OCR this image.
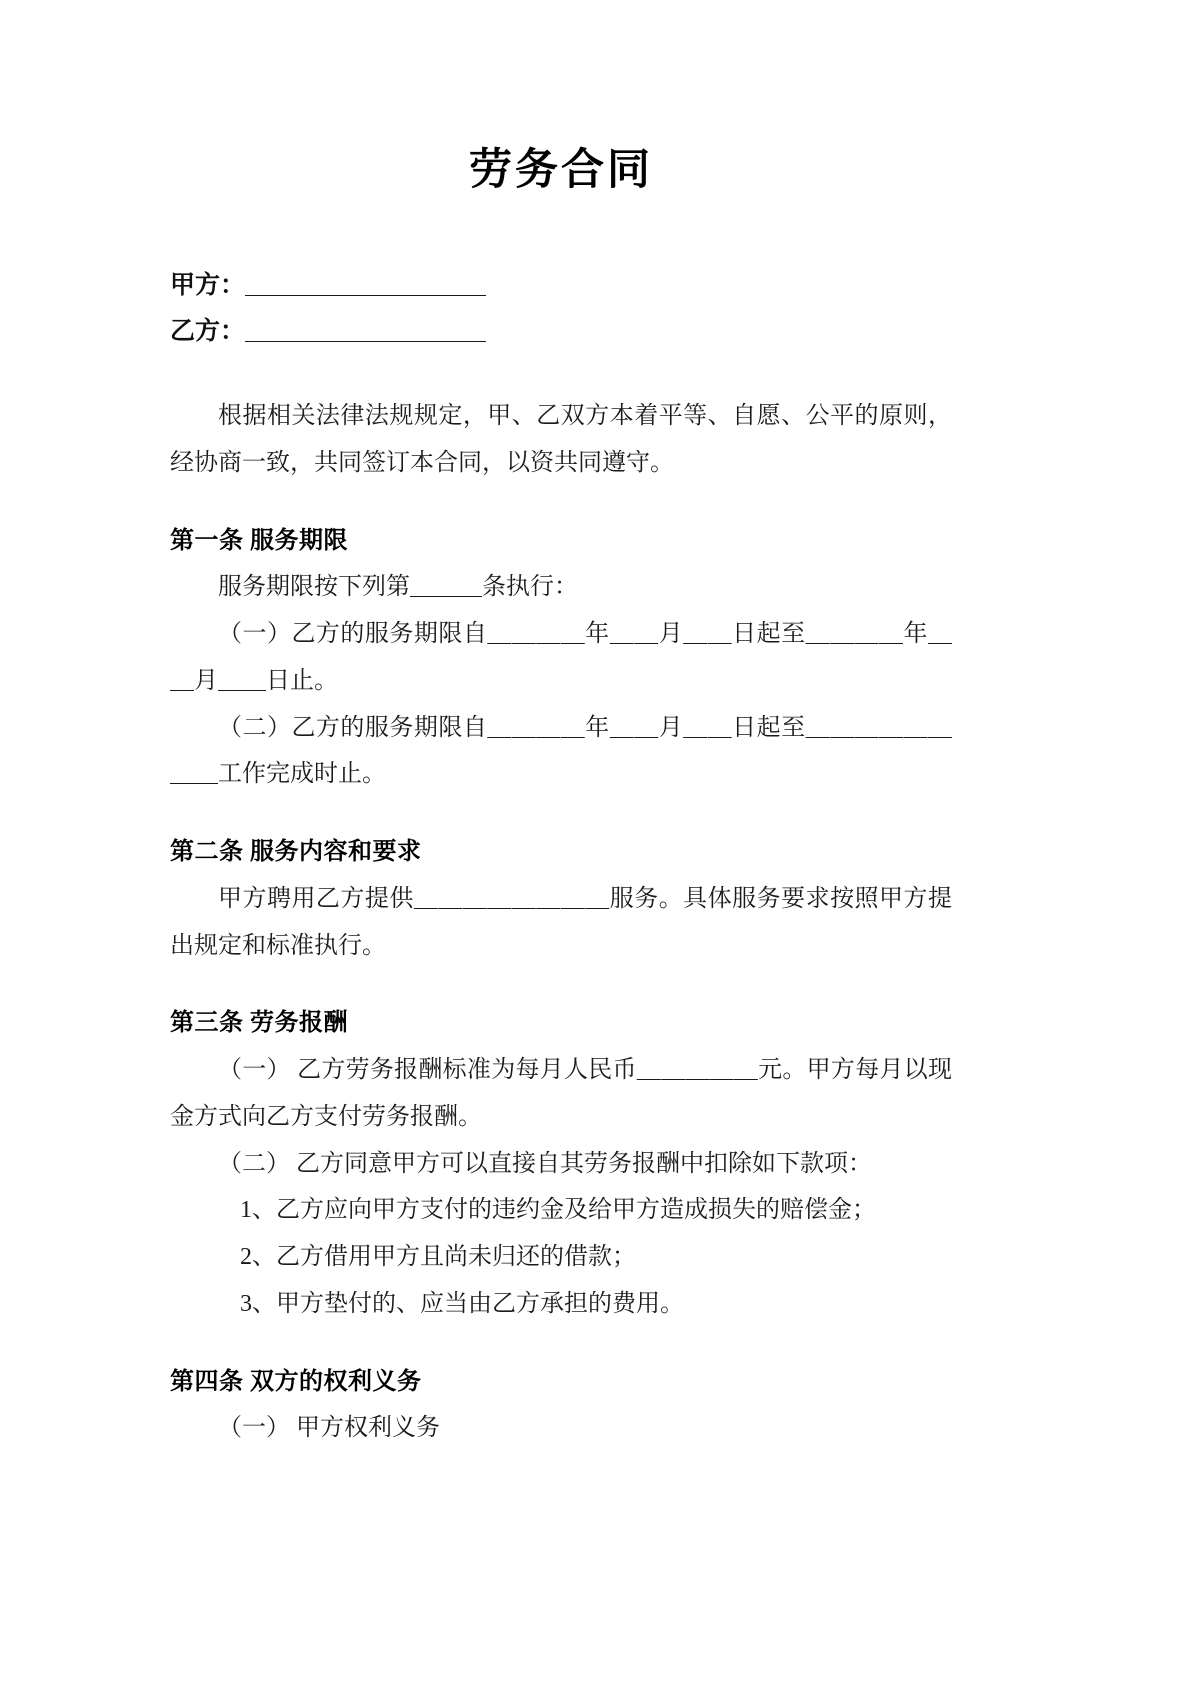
劳务合同
甲方：＿＿＿＿＿＿＿＿＿＿
乙方：＿＿＿＿＿＿＿＿＿＿

根据相关法律法规规定，甲、乙双方本着平等、自愿、公平的原则，经协商一致，共同签订本合同，以资共同遵守。

第一条 服务期限

服务期限按下列第＿＿＿条执行：

（一）乙方的服务期限自＿＿＿＿年＿＿月＿＿日起至＿＿＿＿年＿＿月＿＿日止。

（二）乙方的服务期限自＿＿＿＿年＿＿月＿＿日起至＿＿＿＿＿＿＿＿工作完成时止。

第二条 服务内容和要求

甲方聘用乙方提供＿＿＿＿＿＿＿＿服务。具体服务要求按照甲方提出规定和标准执行。

第三条 劳务报酬

（一） 乙方劳务报酬标准为每月人民币＿＿＿＿＿元。甲方每月以现金方式向乙方支付劳务报酬。

（二） 乙方同意甲方可以直接自其劳务报酬中扣除如下款项：

1、乙方应向甲方支付的违约金及给甲方造成损失的赔偿金；

2、乙方借用甲方且尚未归还的借款；

3、甲方垫付的、应当由乙方承担的费用。

第四条 双方的权利义务

（一） 甲方权利义务
